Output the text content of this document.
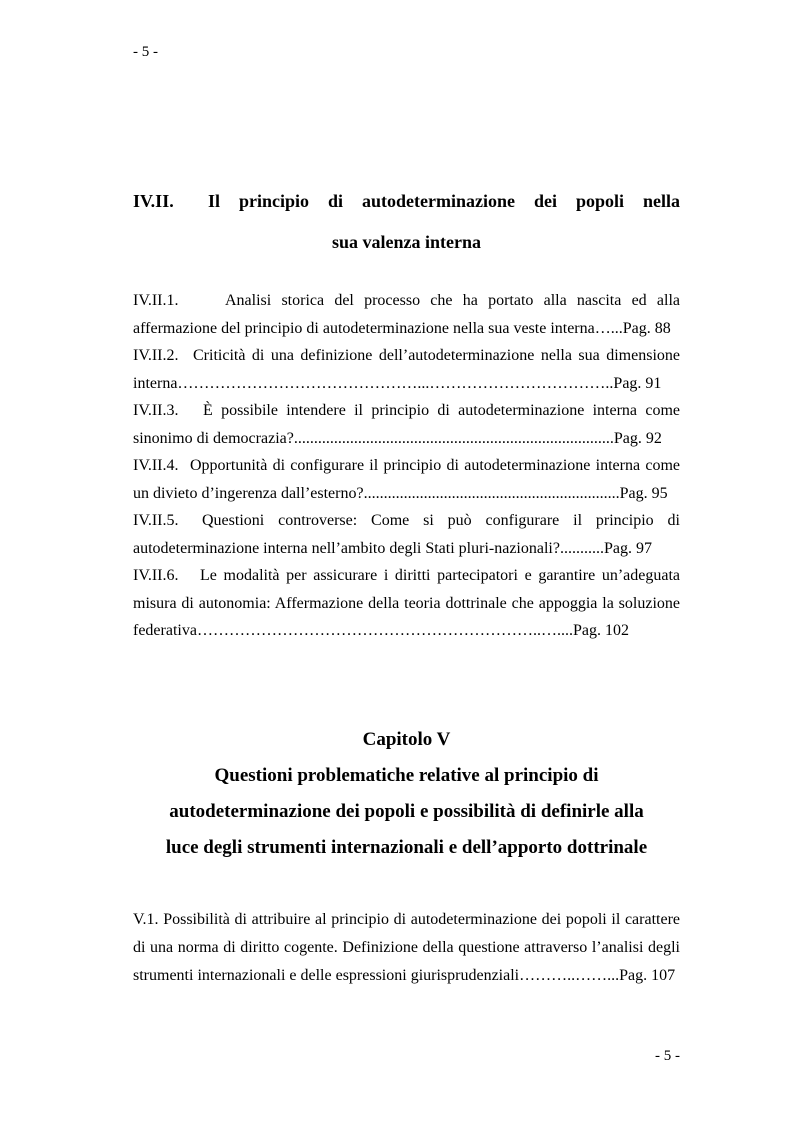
- 5 -
IV.II. Il principio di autodeterminazione dei popoli nella
sua valenza interna

IV.II.1.	Analisi storica del processo che ha portato alla nascita ed alla affermazione del principio di autodeterminazione nella sua veste interna…...Pag. 88

IV.II.2. Criticità di una definizione dell’autodeterminazione nella sua dimensione interna………………………………………...……………………………..Pag. 91

IV.II.3. È possibile intendere il principio di autodeterminazione interna come sinonimo di democrazia?................................................................................Pag. 92

IV.II.4. Opportunità di configurare il principio di autodeterminazione interna come un divieto d’ingerenza dall’esterno?................................................................Pag. 95

IV.II.5. Questioni controverse: Come si può configurare il principio di autodeterminazione interna nell’ambito degli Stati pluri-nazionali?...........Pag. 97

IV.II.6. Le modalità per assicurare i diritti partecipatori e garantire un’adeguata misura di autonomia: Affermazione della teoria dottrinale che appoggia la soluzione federativa………………………………………………………..…....Pag. 102

Capitolo V
Questioni problematiche relative al principio di
autodeterminazione dei popoli e possibilità di definirle alla
luce degli strumenti internazionali e dell’apporto dottrinale

V.1. Possibilità di attribuire al principio di autodeterminazione dei popoli il carattere di una norma di diritto cogente. Definizione della questione attraverso l’analisi degli strumenti internazionali e delle espressioni giurisprudenziali………..……...Pag. 107

- 5 -
